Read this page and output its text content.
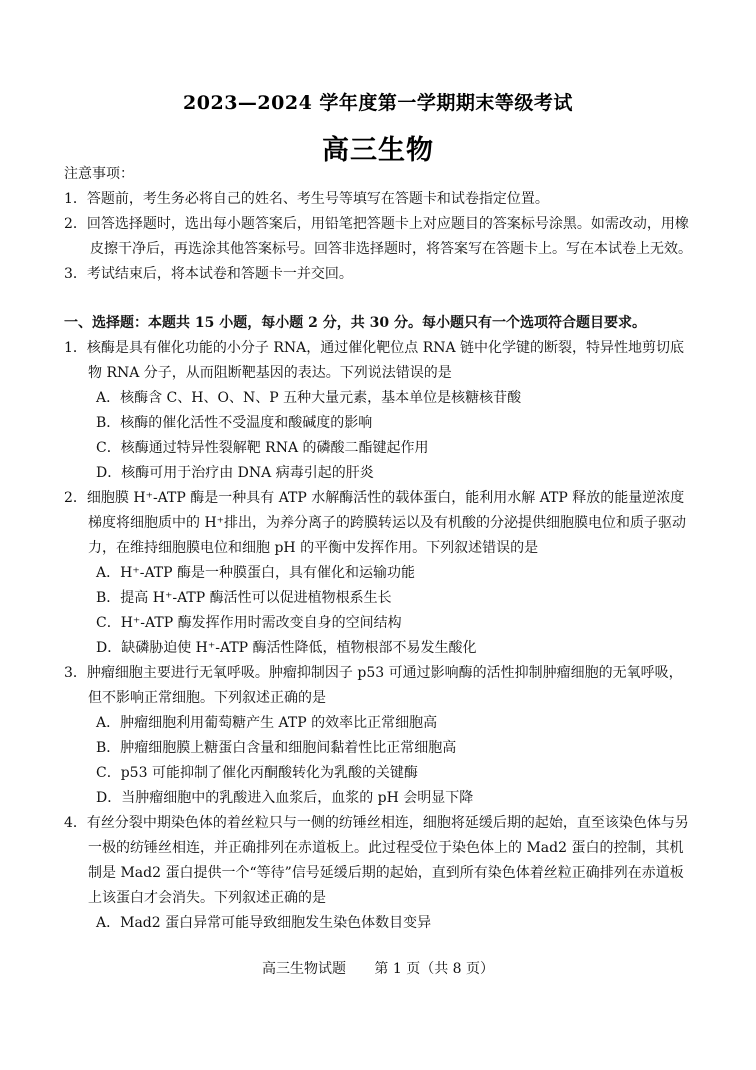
2023—2024 学年度第一学期期末等级考试
高三生物

注意事项：

1．答题前，考生务必将自己的姓名、考生号等填写在答题卡和试卷指定位置。

2．回答选择题时，选出每小题答案后，用铅笔把答题卡上对应题目的答案标号涂黑。如需改动，用橡皮擦干净后，再选涂其他答案标号。回答非选择题时，将答案写在答题卡上。写在本试卷上无效。

3．考试结束后，将本试卷和答题卡一并交回。

一、选择题：本题共 15 小题，每小题 2 分，共 30 分。每小题只有一个选项符合题目要求。

1．核酶是具有催化功能的小分子 RNA，通过催化靶位点 RNA 链中化学键的断裂，特异性地剪切底物 RNA 分子，从而阻断靶基因的表达。下列说法错误的是

A．核酶含 C、H、O、N、P 五种大量元素，基本单位是核糖核苷酸

B．核酶的催化活性不受温度和酸碱度的影响

C．核酶通过特异性裂解靶 RNA 的磷酸二酯键起作用

D．核酶可用于治疗由 DNA 病毒引起的肝炎

2．细胞膜 H⁺-ATP 酶是一种具有 ATP 水解酶活性的载体蛋白，能利用水解 ATP 释放的能量逆浓度梯度将细胞质中的 H⁺排出，为养分离子的跨膜转运以及有机酸的分泌提供细胞膜电位和质子驱动力，在维持细胞膜电位和细胞 pH 的平衡中发挥作用。下列叙述错误的是

A．H⁺-ATP 酶是一种膜蛋白，具有催化和运输功能

B．提高 H⁺-ATP 酶活性可以促进植物根系生长

C．H⁺-ATP 酶发挥作用时需改变自身的空间结构

D．缺磷胁迫使 H⁺-ATP 酶活性降低，植物根部不易发生酸化

3．肿瘤细胞主要进行无氧呼吸。肿瘤抑制因子 p53 可通过影响酶的活性抑制肿瘤细胞的无氧呼吸，但不影响正常细胞。下列叙述正确的是

A．肿瘤细胞利用葡萄糖产生 ATP 的效率比正常细胞高

B．肿瘤细胞膜上糖蛋白含量和细胞间黏着性比正常细胞高

C．p53 可能抑制了催化丙酮酸转化为乳酸的关键酶

D．当肿瘤细胞中的乳酸进入血浆后，血浆的 pH 会明显下降

4．有丝分裂中期染色体的着丝粒只与一侧的纺锤丝相连，细胞将延缓后期的起始，直至该染色体与另一极的纺锤丝相连，并正确排列在赤道板上。此过程受位于染色体上的 Mad2 蛋白的控制，其机制是 Mad2 蛋白提供一个“等待”信号延缓后期的起始，直到所有染色体着丝粒正确排列在赤道板上该蛋白才会消失。下列叙述正确的是

A．Mad2 蛋白异常可能导致细胞发生染色体数目变异

高三生物试题 第 1 页（共 8 页）
